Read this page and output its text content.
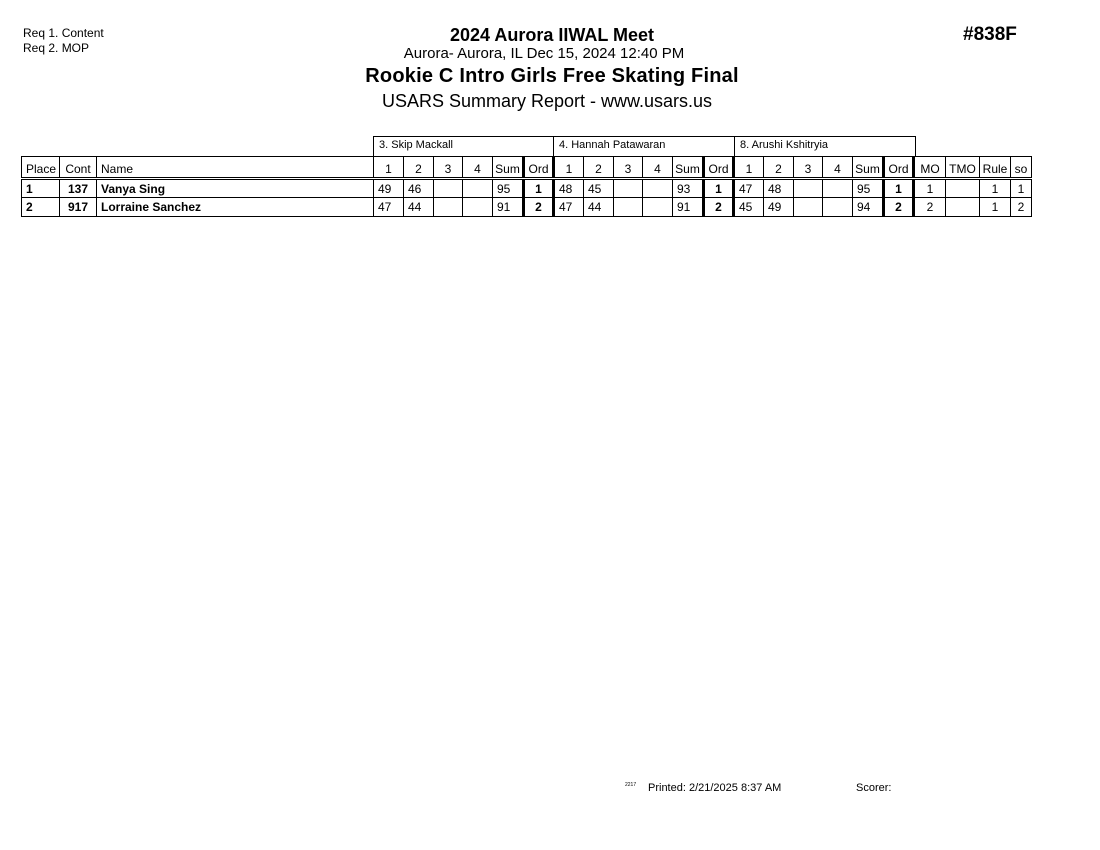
Req 1. Content
Req 2. MOP
#838F
2024 Aurora IIWAL Meet
Aurora- Aurora, IL Dec 15, 2024 12:40 PM
Rookie C Intro Girls Free Skating Final
USARS Summary Report - www.usars.us
3. Skip Mackall	4. Hannah Patawaran	8. Arushi Kshitryia
Place	Cont	Name	1	2	3	4	Sum	Ord	1	2	3	4	Sum	Ord	1	2	3	4	Sum	Ord	MO	TMO	Rule	so
1	137	Vanya Sing	49	46			95	1	48	45			93	1	47	48			95	1	1		1	1
2	917	Lorraine Sanchez	47	44			91	2	47	44			91	2	45	49			94	2	2		1	2
2217 Printed: 2/21/2025 8:37 AM	Scorer:
